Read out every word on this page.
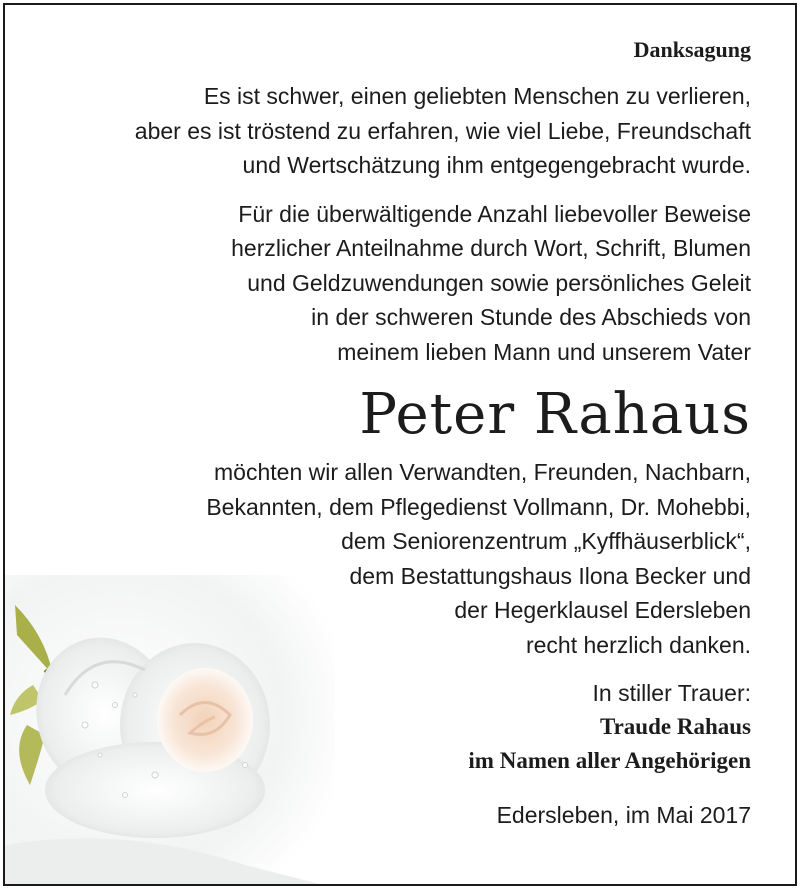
Danksagung

Es ist schwer, einen geliebten Menschen zu verlieren,

aber es ist tröstend zu erfahren, wie viel Liebe, Freundschaft

und Wertschätzung ihm entgegengebracht wurde.

Für die überwältigende Anzahl liebevoller Beweise

herzlicher Anteilnahme durch Wort, Schrift, Blumen

und Geldzuwendungen sowie persönliches Geleit

in der schweren Stunde des Abschieds von

meinem lieben Mann und unserem Vater

Peter Rahaus

möchten wir allen Verwandten, Freunden, Nachbarn,

Bekannten, dem Pflegedienst Vollmann, Dr. Mohebbi,

dem Seniorenzentrum „Kyffhäuserblick“,

dem Bestattungshaus Ilona Becker und

der Hegerklausel Edersleben

recht herzlich danken.

In stiller Trauer:
Traude Rahaus
im Namen aller Angehörigen
Edersleben, im Mai 2017
